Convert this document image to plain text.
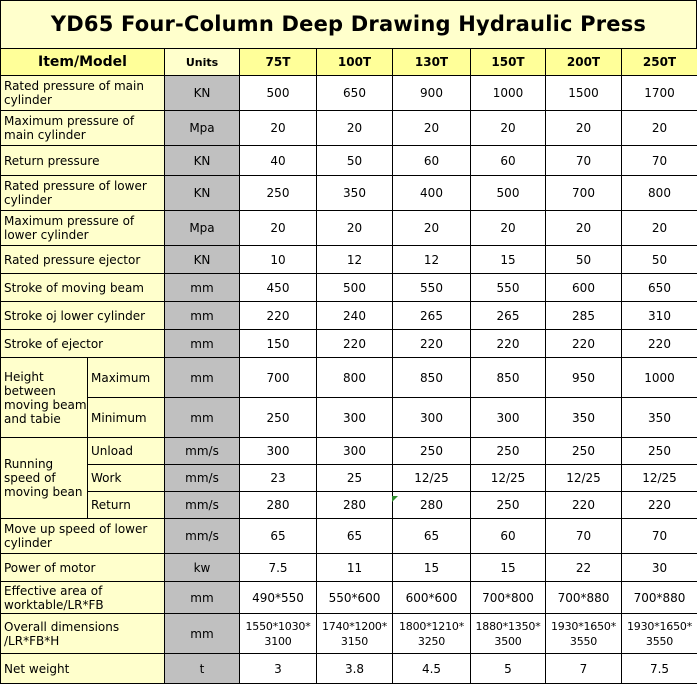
YD65 Four-Column Deep Drawing Hydraulic Press
Item/Model		Units	75T	100T	130T	150T	200T	250T
Rated pressure of main cylinder		KN	500	650	900	1000	1500	1700
Maximum pressure of main cylinder		Mpa	20	20	20	20	20	20
Return pressure		KN	40	50	60	60	70	70
Rated pressure of lower cylinder		KN	250	350	400	500	700	800
Maximum pressure of lower cylinder		Mpa	20	20	20	20	20	20
Rated pressure ejector		KN	10	12	12	15	50	50
Stroke of moving beam		mm	450	500	550	550	600	650
Stroke oj lower cylinder		mm	220	240	265	265	285	310
Stroke of ejector		mm	150	220	220	220	220	220
Height between moving beam and tabie	Maximum	mm	700	800	850	850	950	1000
	Minimum	mm	250	300	300	300	350	350
Running speed of moving bean	Unload	mm/s	300	300	250	250	250	250
	Work	mm/s	23	25	12/25	12/25	12/25	12/25
	Return	mm/s	280	280	280	250	220	220
Move up speed of lower cylinder		mm/s	65	65	65	60	70	70
Power of motor		kw	7.5	11	15	15	22	30
Effective area of worktable/LR*FB		mm	490*550	550*600	600*600	700*800	700*880	700*880
Overall dimensions /LR*FB*H		mm	1550*1030* 3100	1740*1200* 3150	1800*1210* 3250	1880*1350* 3500	1930*1650* 3550	1930*1650* 3550
Net weight		t	3	3.8	4.5	5	7	7.5
